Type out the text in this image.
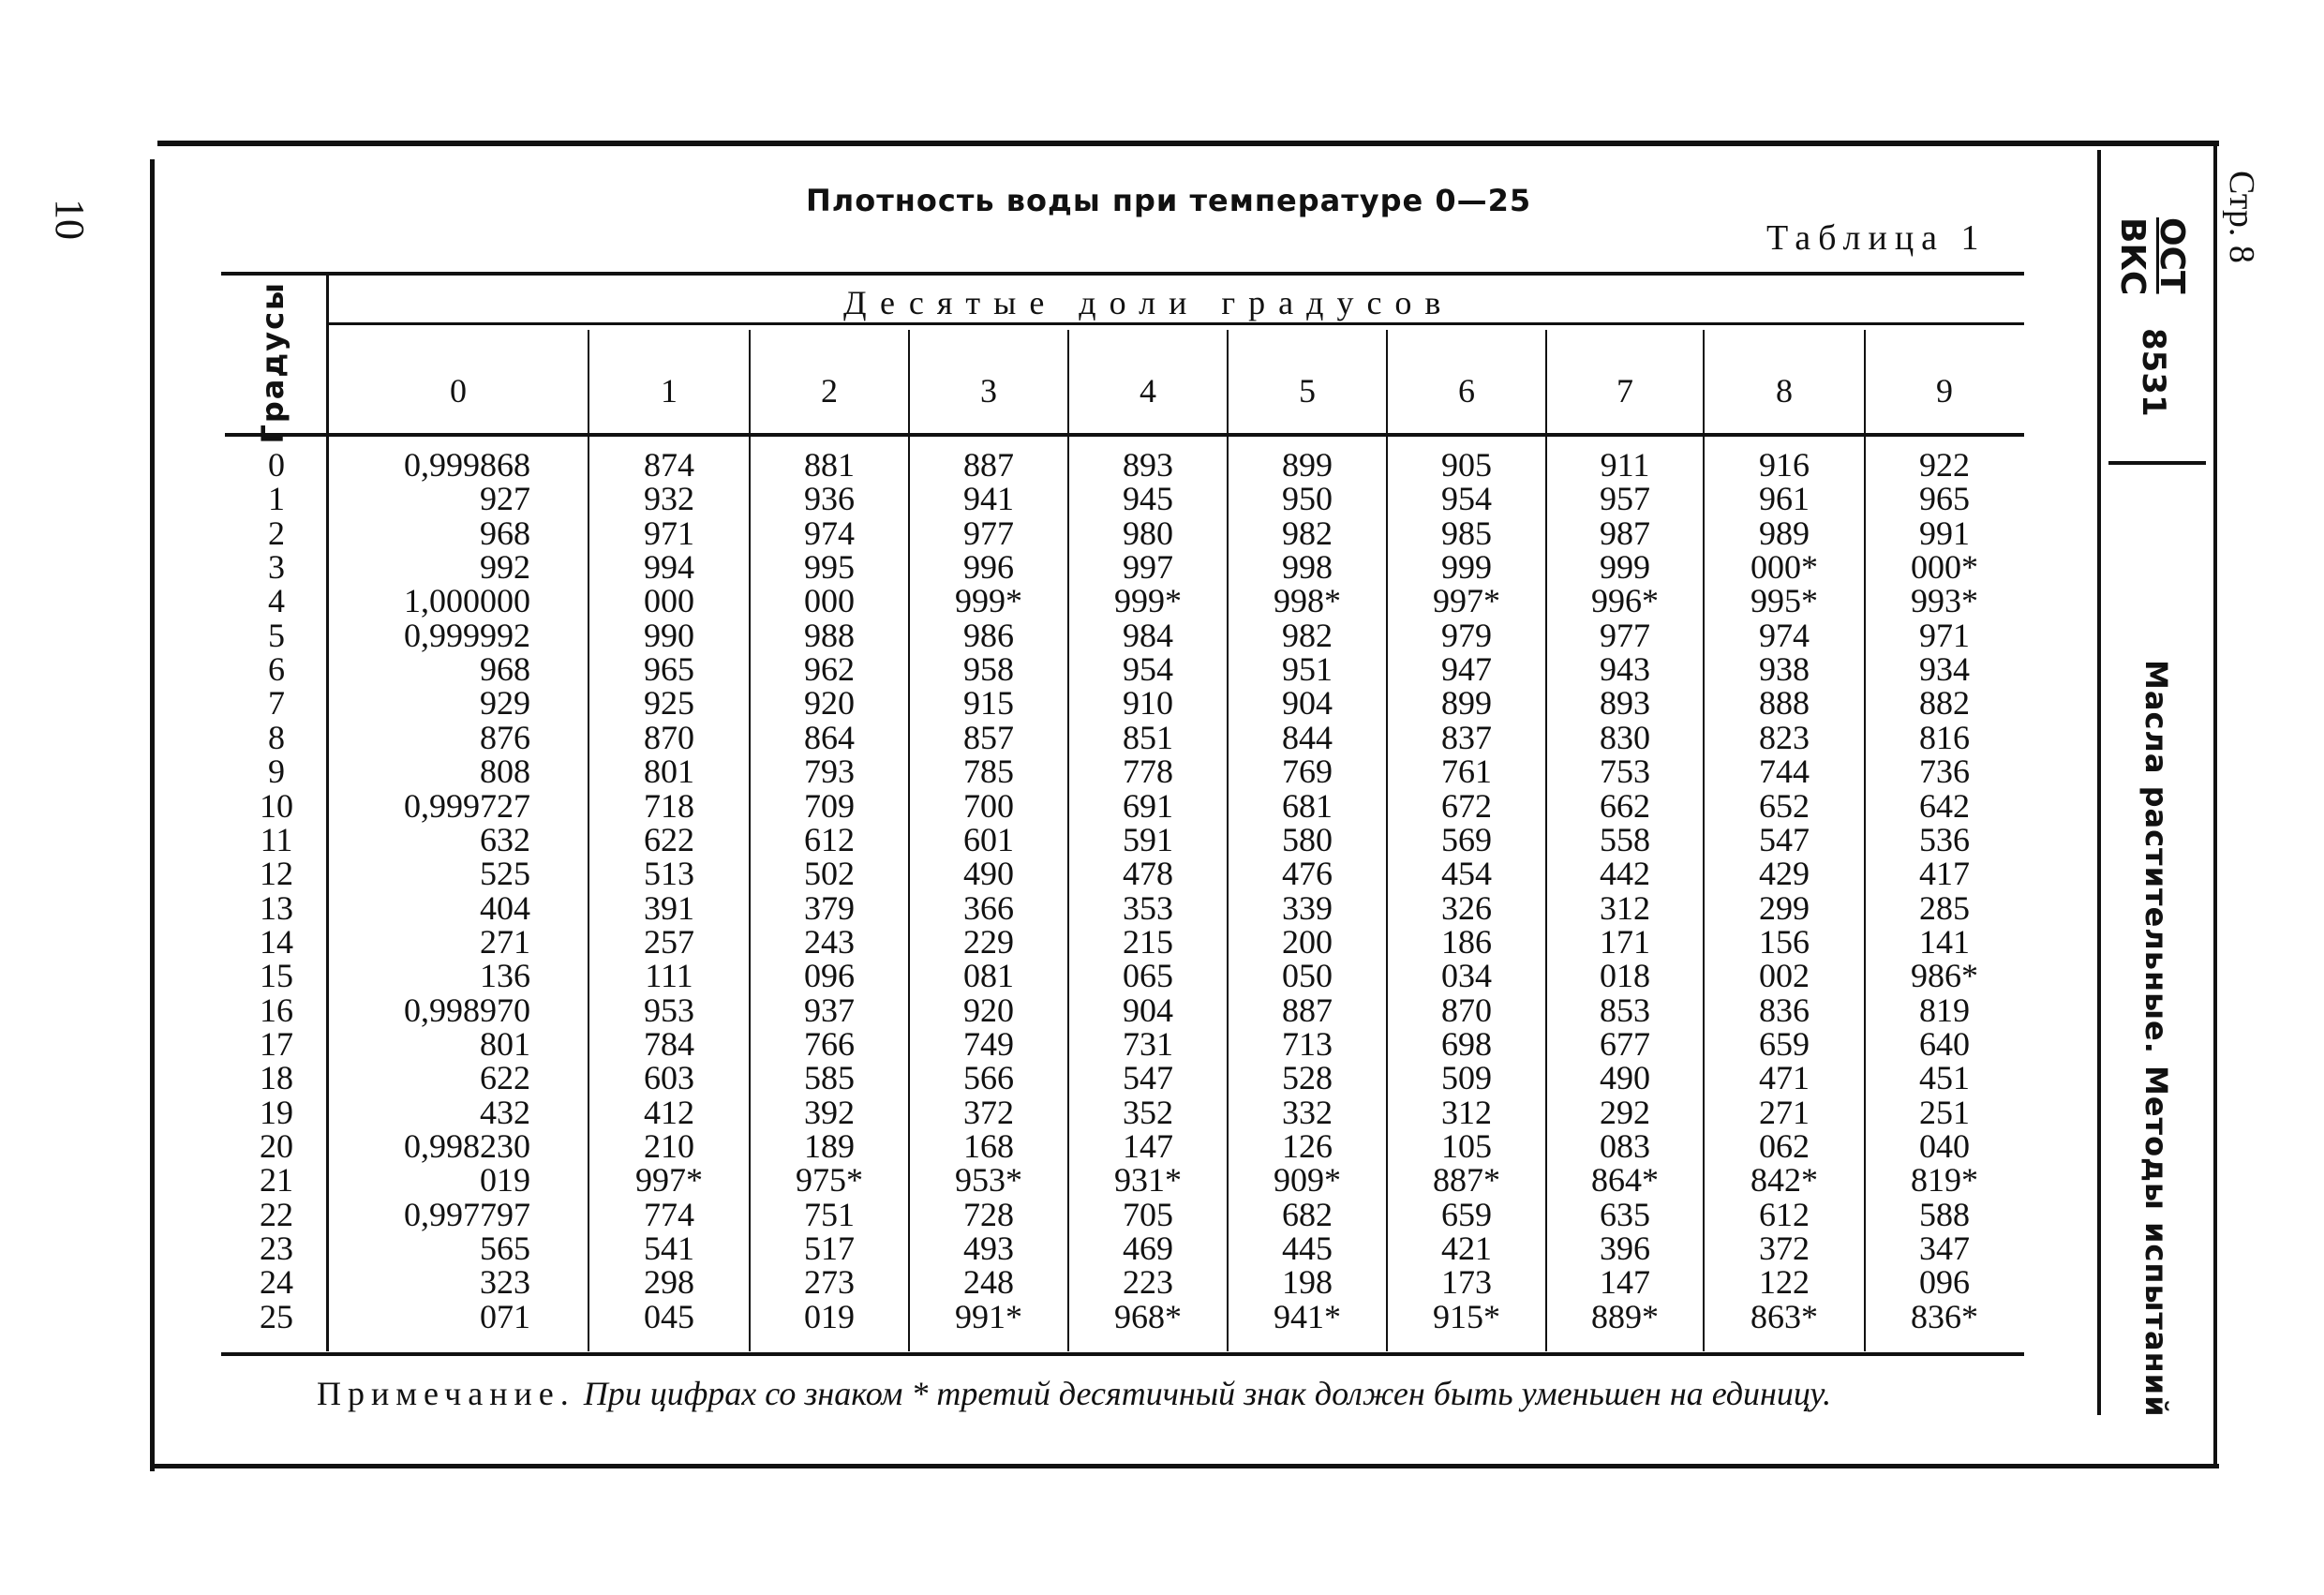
10	Стр. 8
ОСТ
ВКС
8531
Масла растительные. Методы испытаний
Плотность воды при температуре 0—25
Таблица 1
Градусы	Десятые доли градусов
0	1	2	3	4	5	6	7	8	9
0	0,999868	874	881	887	893	899	905	911	916	922
1	927	932	936	941	945	950	954	957	961	965
2	968	971	974	977	980	982	985	987	989	991
3	992	994	995	996	997	998	999	999	000*	000*
4	1,000000	000	000	999*	999*	998*	997*	996*	995*	993*
5	0,999992	990	988	986	984	982	979	977	974	971
6	968	965	962	958	954	951	947	943	938	934
7	929	925	920	915	910	904	899	893	888	882
8	876	870	864	857	851	844	837	830	823	816
9	808	801	793	785	778	769	761	753	744	736
10	0,999727	718	709	700	691	681	672	662	652	642
11	632	622	612	601	591	580	569	558	547	536
12	525	513	502	490	478	476	454	442	429	417
13	404	391	379	366	353	339	326	312	299	285
14	271	257	243	229	215	200	186	171	156	141
15	136	111	096	081	065	050	034	018	002	986*
16	0,998970	953	937	920	904	887	870	853	836	819
17	801	784	766	749	731	713	698	677	659	640
18	622	603	585	566	547	528	509	490	471	451
19	432	412	392	372	352	332	312	292	271	251
20	0,998230	210	189	168	147	126	105	083	062	040
21	019	997*	975*	953*	931*	909*	887*	864*	842*	819*
22	0,997797	774	751	728	705	682	659	635	612	588
23	565	541	517	493	469	445	421	396	372	347
24	323	298	273	248	223	198	173	147	122	096
25	071	045	019	991*	968*	941*	915*	889*	863*	836*
Примечание. При цифрах со знаком * третий десятичный знак должен быть уменьшен на единицу.
